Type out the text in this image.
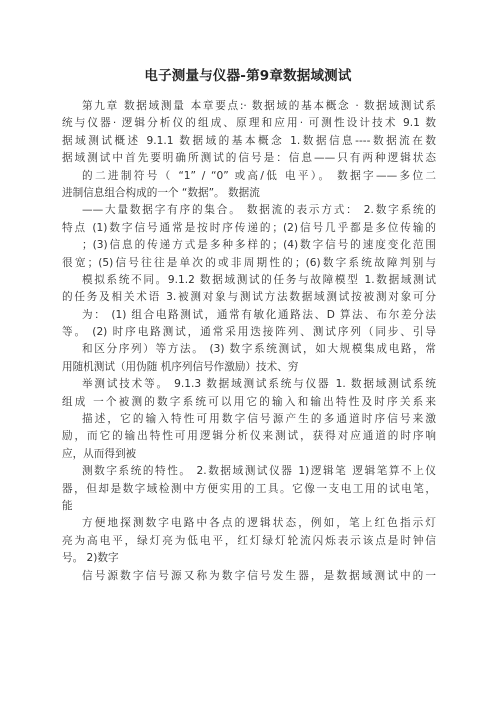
电子测量与仪器-第9章数据域测试
第九章 数据域测量 本章要点:· 数据域的基本概念 · 数据域测试系
统与仪器· 逻辑分析仪的组成、原理和应用· 可测性设计技术 9.1 数
据域测试概述 9.1.1 数据域的基本概念 1.数据信息----数据流在数
据域测试中首先要明确所测试的信号是：信息——只有两种逻辑状态
的二进制符号（ “1” / “0” 或高/低 电平）。 数据字——多位二
进制信息组合构成的一个 “数据”。 数据流
——大量数据字有序的集合。 数据流的表示方式： 2.数字系统的
特点 (1)数字信号通常是按时序传递的；(2)信号几乎都是多位传输的
；(3)信息的传递方式是多种多样的；(4)数字信号的速度变化范围
很宽；(5)信号往往是单次的或非周期性的；(6)数字系统故障判别与
模拟系统不同。9.1.2 数据域测试的任务与故障模型 1.数据域测试
的任务及相关术语 3.被测对象与测试方法数据域测试按被测对象可分
为： (1) 组合电路测试，通常有敏化通路法、D 算法、布尔差分法
等。 (2) 时序电路测试，通常采用迭接阵列、测试序列（同步、引导
和区分序列）等方法。 (3) 数字系统测试，如大规模集成电路，常
用随机测试（用伪随 机序列信号作激励）技术、穷
举测试技术等。 9.1.3 数据域测试系统与仪器 1. 数据域测试系统
组成 一个被测的数字系统可以用它的输入和输出特性及时序关系来
描述，它的输入特性可用数字信号源产生的多通道时序信号来激
励，而它的输出特性可用逻辑分析仪来测试，获得对应通道的时序响
应，从而得到被
测数字系统的特性。 2.数据域测试仪器 1)逻辑笔 逻辑笔算不上仪
器，但却是数字域检测中方便实用的工具。它像一支电工用的试电笔，
能
方便地探测数字电路中各点的逻辑状态，例如，笔上红色指示灯
亮为高电平，绿灯亮为低电平，红灯绿灯轮流闪烁表示该点是时钟信
号。 2)数字
信号源数字信号源又称为数字信号发生器，是数据域测试中的一
